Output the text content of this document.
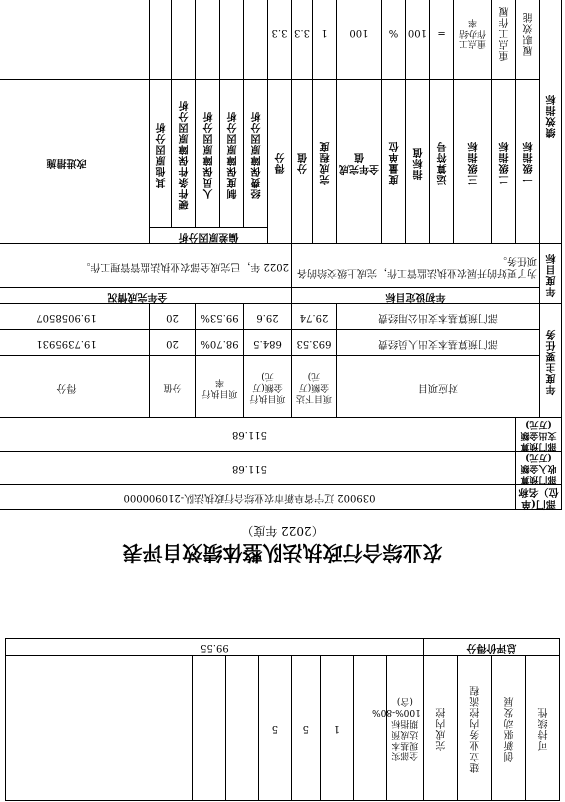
可持续性	创新驱动发展	建立业务内控流程	完成内控	全部实现基本达成预期指标100%-80%(含)		1	5	5			
总评价得分				99.55							
农业综合行政执法队整体绩效自评表
（2022 年度）
部门(单位）名称		039002 辽宁省阜新市农业综合行政执法队-210900000														
部门预算收入金额(万元)		511.68														
部门预算支出金额(万元)		511.68														
年度主要任务	对应项目							项目下达金额(万元)		项目执行金额(万元)		项目执行率		分值		得分
	部门预算基本支出人员经费							693.53		684.5		98.70%		20		19.7395931
	部门预算基本支出公用经费							29.74		29.6		99.53%		20		19.9058507
年度目标	年初设定目标									全年完成情况						
	为了更好的开展农业执法监管工作，完成上级交给的各项任务。									2022 年，已完成全部农业执法监管管理工作。						
绩效指标	一级指标	二级指标	三级指标	运算符号	指标值	度量单位	全年完成值	完成程度	分值	得分	偏差原因分析					改进措施
											经费保障原因分析	制度保障原因分析	人员保障原因分析	硬件条件保障原因分析	其他原因分析	
	履职效能	重点工作履	重点工作办结率	=	100	%	100	1	3.3	3.3						
